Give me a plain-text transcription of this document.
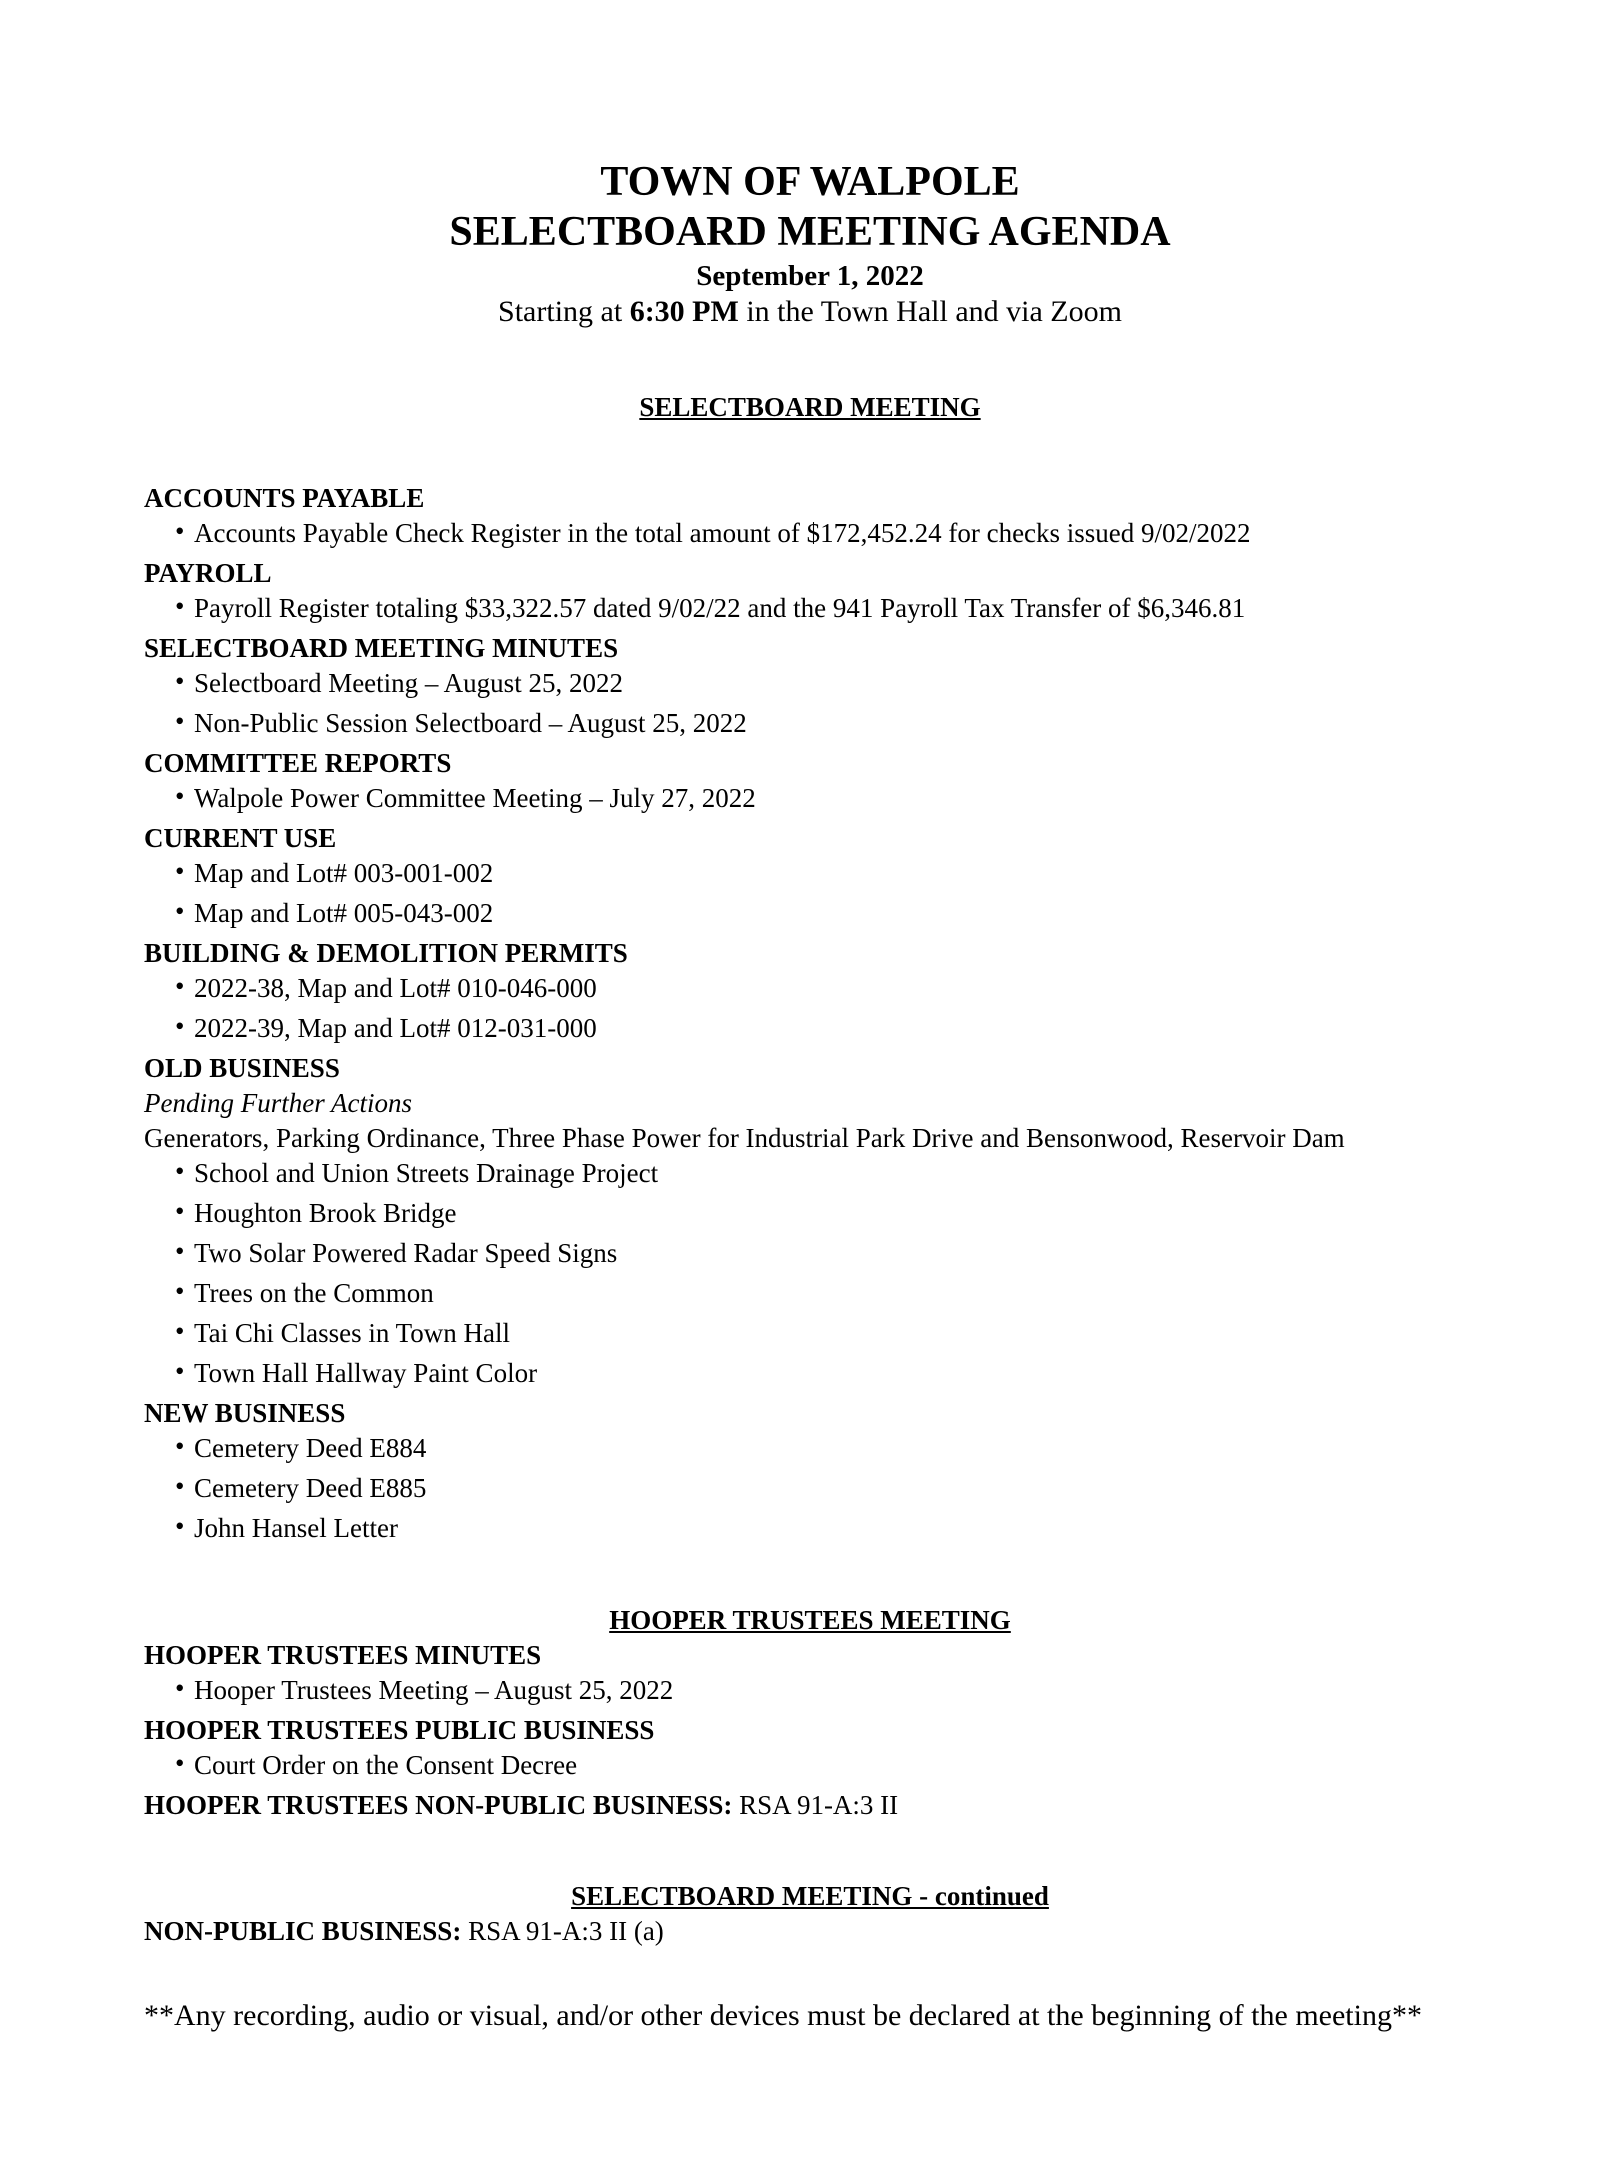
TOWN OF WALPOLE
SELECTBOARD MEETING AGENDA
September 1, 2022
Starting at 6:30 PM in the Town Hall and via Zoom
SELECTBOARD MEETING
ACCOUNTS PAYABLE
• Accounts Payable Check Register in the total amount of $172,452.24 for checks issued 9/02/2022
PAYROLL
• Payroll Register totaling $33,322.57 dated 9/02/22 and the 941 Payroll Tax Transfer of $6,346.81
SELECTBOARD MEETING MINUTES
• Selectboard Meeting – August 25, 2022
• Non-Public Session Selectboard – August 25, 2022
COMMITTEE REPORTS
• Walpole Power Committee Meeting – July 27, 2022
CURRENT USE
• Map and Lot# 003-001-002
• Map and Lot# 005-043-002
BUILDING & DEMOLITION PERMITS
• 2022-38, Map and Lot# 010-046-000
• 2022-39, Map and Lot# 012-031-000
OLD BUSINESS
Pending Further Actions
Generators, Parking Ordinance, Three Phase Power for Industrial Park Drive and Bensonwood, Reservoir Dam
• School and Union Streets Drainage Project
• Houghton Brook Bridge
• Two Solar Powered Radar Speed Signs
• Trees on the Common
• Tai Chi Classes in Town Hall
• Town Hall Hallway Paint Color
NEW BUSINESS
• Cemetery Deed E884
• Cemetery Deed E885
• John Hansel Letter
HOOPER TRUSTEES MEETING
HOOPER TRUSTEES MINUTES
• Hooper Trustees Meeting – August 25, 2022
HOOPER TRUSTEES PUBLIC BUSINESS
• Court Order on the Consent Decree
HOOPER TRUSTEES NON-PUBLIC BUSINESS: RSA 91-A:3 II
SELECTBOARD MEETING - continued
NON-PUBLIC BUSINESS: RSA 91-A:3 II (a)
**Any recording, audio or visual, and/or other devices must be declared at the beginning of the meeting**
